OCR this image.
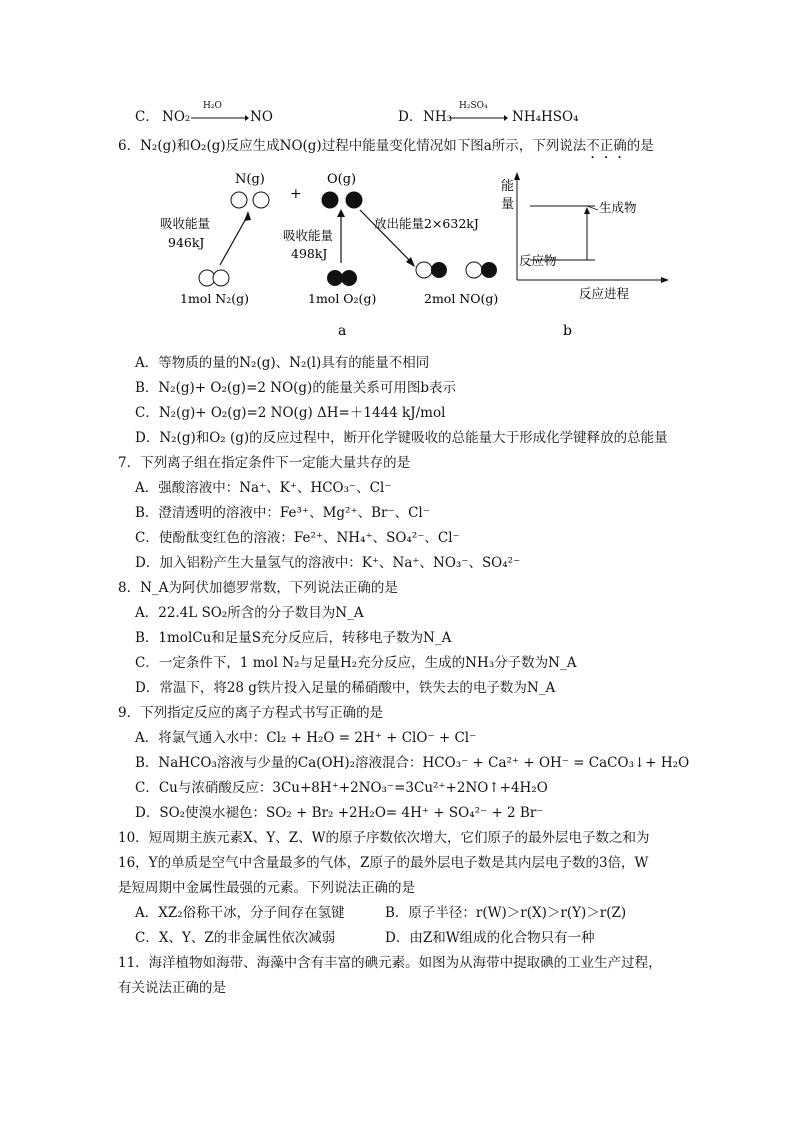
C． NO₂
H₂O
NO	D． NH₃
H₂SO₄
NH₄HSO₄
6．N₂(g)和O₂(g)反应生成NO(g)过程中能量变化情况如下图a所示，下列说法不正确的是
N(g)
+
O(g)
吸收能量
946kJ
1mol N₂(g)
吸收能量
498kJ
1mol O₂(g)
放出能量2×632kJ
2mol NO(g)
a
能
量	生成物
反应物
反应进程
b
A．等物质的量的N₂(g)、N₂(l)具有的能量不相同
B．N₂(g)+ O₂(g)=2 NO(g)的能量关系可用图b表示
C．N₂(g)+ O₂(g)=2 NO(g) ΔH=＋1444 kJ/mol
D．N₂(g)和O₂ (g)的反应过程中，断开化学键吸收的总能量大于形成化学键释放的总能量
7．下列离子组在指定条件下一定能大量共存的是
A．强酸溶液中：Na⁺、K⁺、HCO₃⁻、Cl⁻
B．澄清透明的溶液中：Fe³⁺、Mg²⁺、Br⁻、Cl⁻
C．使酚酞变红色的溶液：Fe²⁺、NH₄⁺、SO₄²⁻、Cl⁻
D．加入铝粉产生大量氢气的溶液中：K⁺、Na⁺、NO₃⁻、SO₄²⁻
8．N_A为阿伏加德罗常数，下列说法正确的是
A．22.4L SO₂所含的分子数目为N_A
B．1molCu和足量S充分反应后，转移电子数为N_A
C．一定条件下，1 mol N₂与足量H₂充分反应，生成的NH₃分子数为N_A
D．常温下，将28 g铁片投入足量的稀硝酸中，铁失去的电子数为N_A
9．下列指定反应的离子方程式书写正确的是
A．将氯气通入水中：Cl₂ + H₂O = 2H⁺ + ClO⁻ + Cl⁻
B．NaHCO₃溶液与少量的Ca(OH)₂溶液混合：HCO₃⁻ + Ca²⁺ + OH⁻ = CaCO₃↓+ H₂O
C．Cu与浓硝酸反应：3Cu+8H⁺+2NO₃⁻=3Cu²⁺+2NO↑+4H₂O
D．SO₂使溴水褪色：SO₂ + Br₂ +2H₂O= 4H⁺ + SO₄²⁻ + 2 Br⁻
10．短周期主族元素X、Y、Z、W的原子序数依次增大，它们原子的最外层电子数之和为
16，Y的单质是空气中含量最多的气体，Z原子的最外层电子数是其内层电子数的3倍，W
是短周期中金属性最强的元素。下列说法正确的是
A．XZ₂俗称干冰，分子间存在氢键	B．原子半径：r(W)＞r(X)＞r(Y)＞r(Z)
C．X、Y、Z的非金属性依次减弱	D．由Z和W组成的化合物只有一种
11．海洋植物如海带、海藻中含有丰富的碘元素。如图为从海带中提取碘的工业生产过程，
有关说法正确的是
